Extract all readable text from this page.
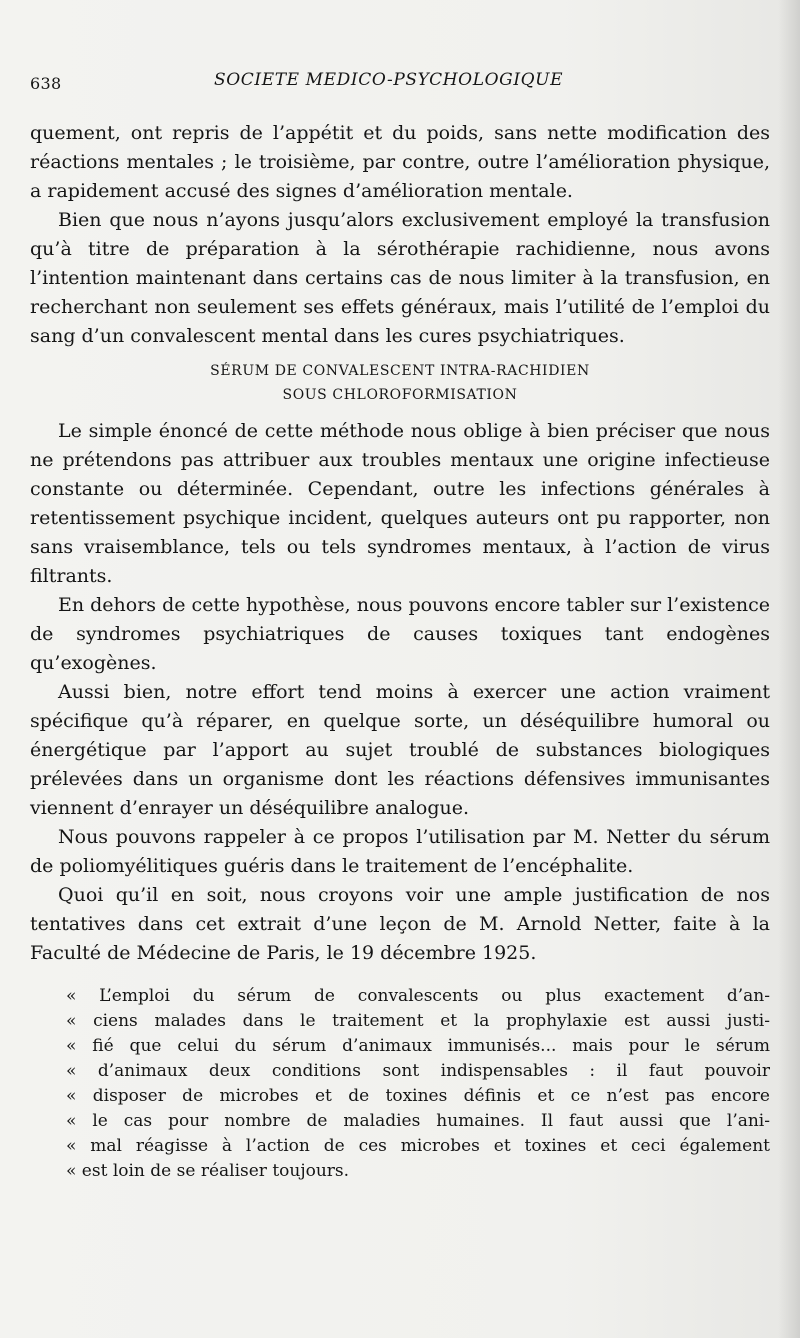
638	SOCIETE MEDICO-PSYCHOLOGIQUE

quement, ont repris de l’appétit et du poids, sans nette modification des réactions mentales ; le troisième, par contre, outre l’amélioration physique, a rapidement accusé des signes d’amélioration mentale.

Bien que nous n’ayons jusqu’alors exclusivement employé la transfusion qu’à titre de préparation à la sérothérapie rachidienne, nous avons l’intention maintenant dans certains cas de nous limiter à la transfusion, en recherchant non seulement ses effets généraux, mais l’utilité de l’emploi du sang d’un convalescent mental dans les cures psychiatriques.

SÉRUM DE CONVALESCENT INTRA-RACHIDIEN
SOUS CHLOROFORMISATION

Le simple énoncé de cette méthode nous oblige à bien préciser que nous ne prétendons pas attribuer aux troubles mentaux une origine infectieuse constante ou déterminée. Cependant, outre les infections générales à retentissement psychique incident, quelques auteurs ont pu rapporter, non sans vraisemblance, tels ou tels syndromes mentaux, à l’action de virus filtrants.

En dehors de cette hypothèse, nous pouvons encore tabler sur l’existence de syndromes psychiatriques de causes toxiques tant endogènes qu’exogènes.

Aussi bien, notre effort tend moins à exercer une action vraiment spécifique qu’à réparer, en quelque sorte, un déséquilibre humoral ou énergétique par l’apport au sujet troublé de substances biologiques prélevées dans un organisme dont les réactions défensives immunisantes viennent d’enrayer un déséquilibre analogue.

Nous pouvons rappeler à ce propos l’utilisation par M. Netter du sérum de poliomyélitiques guéris dans le traitement de l’encéphalite.

Quoi qu’il en soit, nous croyons voir une ample justification de nos tentatives dans cet extrait d’une leçon de M. Arnold Netter, faite à la Faculté de Médecine de Paris, le 19 décembre 1925.

« L’emploi du sérum de convalescents ou plus exactement d’an-
« ciens malades dans le traitement et la prophylaxie est aussi justi-
« fié que celui du sérum d’animaux immunisés... mais pour le sérum
« d’animaux deux conditions sont indispensables : il faut pouvoir
« disposer de microbes et de toxines définis et ce n’est pas encore
« le cas pour nombre de maladies humaines. Il faut aussi que l’ani-
« mal réagisse à l’action de ces microbes et toxines et ceci également
« est loin de se réaliser toujours.
